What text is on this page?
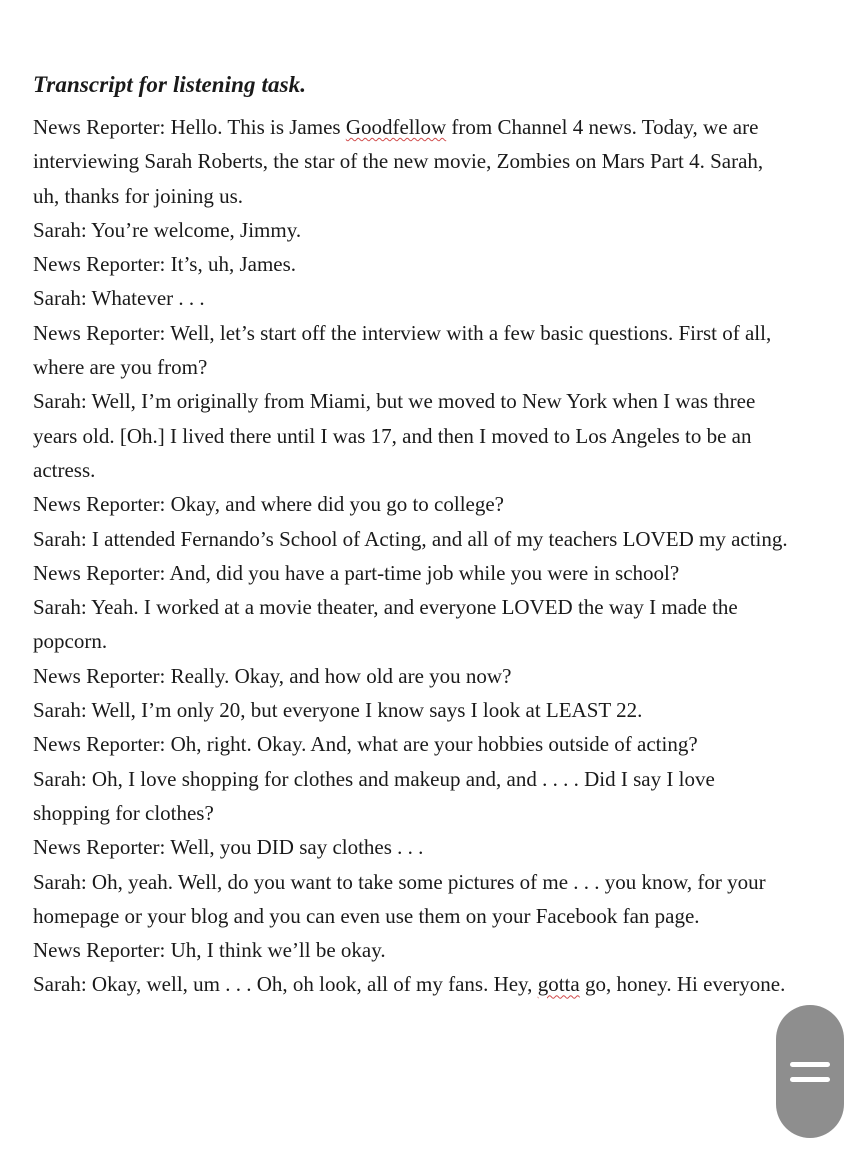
Transcript for listening task.

News Reporter: Hello. This is James Goodfellow from Channel 4 news. Today, we are interviewing Sarah Roberts, the star of the new movie, Zombies on Mars Part 4. Sarah, uh, thanks for joining us.

Sarah: You’re welcome, Jimmy.

News Reporter: It’s, uh, James.

Sarah: Whatever . . .

News Reporter: Well, let’s start off the interview with a few basic questions. First of all, where are you from?

Sarah: Well, I’m originally from Miami, but we moved to New York when I was three years old. [Oh.] I lived there until I was 17, and then I moved to Los Angeles to be an actress.

News Reporter: Okay, and where did you go to college?

Sarah: I attended Fernando’s School of Acting, and all of my teachers LOVED my acting.

News Reporter: And, did you have a part-time job while you were in school?

Sarah: Yeah. I worked at a movie theater, and everyone LOVED the way I made the popcorn.

News Reporter: Really. Okay, and how old are you now?

Sarah: Well, I’m only 20, but everyone I know says I look at LEAST 22.

News Reporter: Oh, right. Okay. And, what are your hobbies outside of acting?

Sarah: Oh, I love shopping for clothes and makeup and, and . . . . Did I say I love shopping for clothes?

News Reporter: Well, you DID say clothes . . .

Sarah: Oh, yeah. Well, do you want to take some pictures of me . . . you know, for your homepage or your blog and you can even use them on your Facebook fan page.

News Reporter: Uh, I think we’ll be okay.

Sarah: Okay, well, um . . . Oh, oh look, all of my fans. Hey, gotta go, honey. Hi everyone.
